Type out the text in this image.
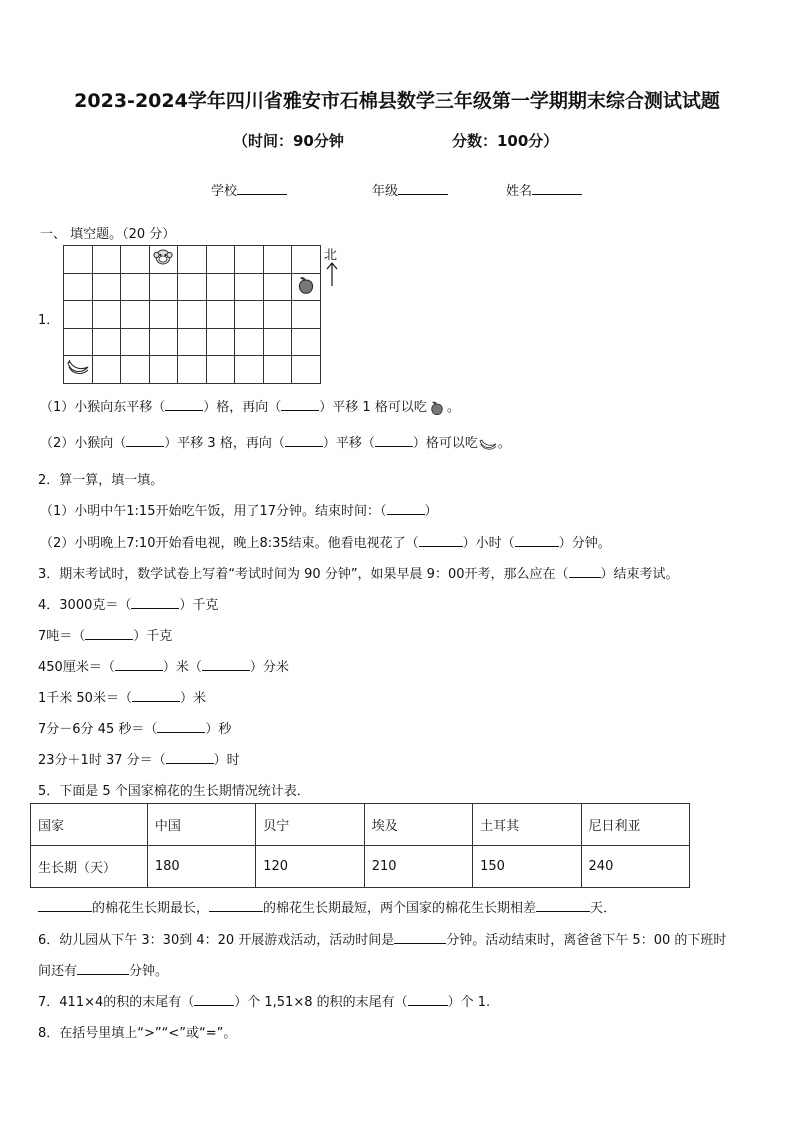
2023-2024学年四川省雅安市石棉县数学三年级第一学期期末综合测试试题
（时间：90分钟	分数：100分）
学校	年级	姓名
一、 填空题。（20 分）

北
1．
（1）小猴向东平移（	）格，再向（	）平移 1 格可以吃 。
（2）小猴向（	）平移 3 格，再向（	）平移（	）格可以吃 。
2．算一算，填一填。
（1）小明中午1:15开始吃午饭，用了17分钟。结束时间：（	）
（2）小明晚上7:10开始看电视，晚上8:35结束。他看电视花了（	）小时（	）分钟。
3．期末考试时，数学试卷上写着“考试时间为 90 分钟”，如果早晨 9：00开考，那么应在（ ）结束考试。
4．3000克＝（	）千克
7吨＝（	）千克
450厘米＝（	）米（	）分米
1千米 50米＝（	）米
7分－6分 45 秒＝（	）秒
23分＋1时 37 分＝（	）时
5．下面是 5 个国家棉花的生长期情况统计表．
国家	中国	贝宁	埃及	土耳其	尼日利亚
生长期（天）	180	120	210	150	240
的棉花生长期最长，	的棉花生长期最短，两个国家的棉花生长期相差	天．
6．幼儿园从下午 3：30到 4：20 开展游戏活动，活动时间是	分钟。活动结束时，离爸爸下午 5：00 的下班时
间还有	分钟。
7．411×4的积的末尾有（	）个 1,51×8 的积的末尾有（	）个 1.
8．在括号里填上“>”“<”或“=”。
